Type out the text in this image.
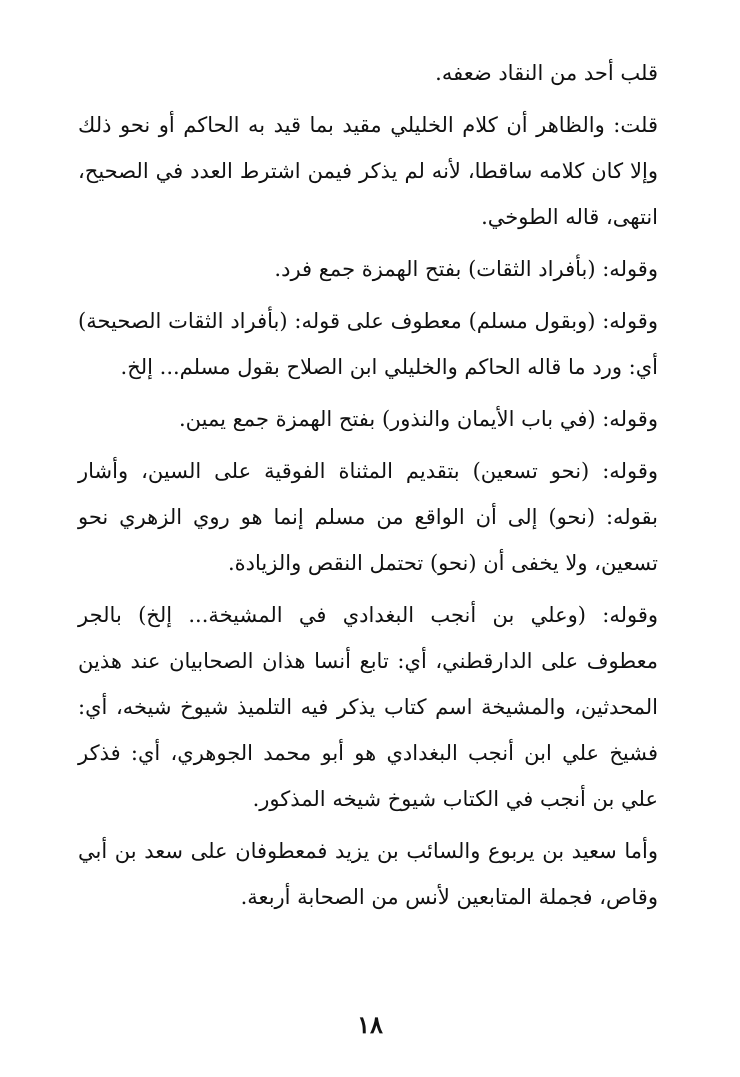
قلب أحد من النقاد ضعفه.

قلت: والظاهر أن كلام الخليلي مقيد بما قيد به الحاكم أو نحو ذلك وإلا كان كلامه ساقطا، لأنه لم يذكر فيمن اشترط العدد في الصحيح، انتهى، قاله الطوخي.

وقوله: (بأفراد الثقات) بفتح الهمزة جمع فرد.

وقوله: (وبقول مسلم) معطوف على قوله: (بأفراد الثقات الصحيحة) أي: ورد ما قاله الحاكم والخليلي ابن الصلاح بقول مسلم... إلخ.

وقوله: (في باب الأيمان والنذور) بفتح الهمزة جمع يمين.

وقوله: (نحو تسعين) بتقديم المثناة الفوقية على السين، وأشار بقوله: (نحو) إلى أن الواقع من مسلم إنما هو روي الزهري نحو تسعين، ولا يخفى أن (نحو) تحتمل النقص والزيادة.

وقوله: (وعلي بن أنجب البغدادي في المشيخة... إلخ) بالجر معطوف على الدارقطني، أي: تابع أنسا هذان الصحابيان عند هذين المحدثين، والمشيخة اسم كتاب يذكر فيه التلميذ شيوخ شيخه، أي: فشيخ علي ابن أنجب البغدادي هو أبو محمد الجوهري، أي: فذكر علي بن أنجب في الكتاب شيوخ شيخه المذكور.

وأما سعيد بن يربوع والسائب بن يزيد فمعطوفان على سعد بن أبي وقاص، فجملة المتابعين لأنس من الصحابة أربعة.

١٨
